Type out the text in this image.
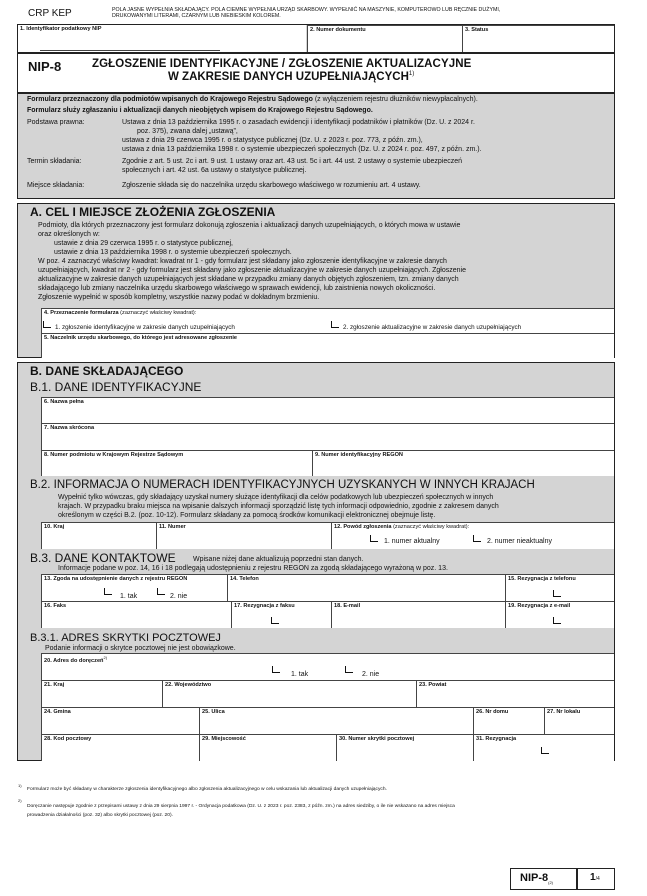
CRP KEP	POLA JASNE WYPEŁNIA SKŁADAJĄCY. POLA CIEMNE WYPEŁNIA URZĄD SKARBOWY. WYPEŁNIĆ NA MASZYNIE, KOMPUTEROWO LUB RĘCZNIE DUŻYMI,
DRUKOWANYMI LITERAMI, CZARNYM LUB NIEBIESKIM KOLOREM.
1. Identyfikator podatkowy NIP	2. Numer dokumentu	3. Status
NIP-8	ZGŁOSZENIE IDENTYFIKACYJNE / ZGŁOSZENIE AKTUALIZACYJNE
W ZAKRESIE DANYCH UZUPEŁNIAJĄCYCH$^{1)}$
Formularz przeznaczony dla podmiotów wpisanych do Krajowego Rejestru Sądowego (z wyłączeniem rejestru dłużników niewypłacalnych).
Formularz służy zgłaszaniu i aktualizacji danych nieobjętych wpisem do Krajowego Rejestru Sądowego.
Podstawa prawna:	Ustawa z dnia 13 października 1995 r. o zasadach ewidencji i identyfikacji podatników i płatników (Dz. U. z 2024 r.
poz. 375), zwana dalej „ustawą”,
ustawa z dnia 29 czerwca 1995 r. o statystyce publicznej (Dz. U. z 2023 r. poz. 773, z późn. zm.),
ustawa z dnia 13 października 1998 r. o systemie ubezpieczeń społecznych (Dz. U. z 2024 r. poz. 497, z późn. zm.).
Termin składania:	Zgodnie z art. 5 ust. 2c i art. 9 ust. 1 ustawy oraz art. 43 ust. 5c i art. 44 ust. 2 ustawy o systemie ubezpieczeń
społecznych i art. 42 ust. 6a ustawy o statystyce publicznej.
Miejsce składania:	Zgłoszenie składa się do naczelnika urzędu skarbowego właściwego w rozumieniu art. 4 ustawy.
A. CEL I MIEJSCE ZŁOŻENIA ZGŁOSZENIA
Podmioty, dla których przeznaczony jest formularz dokonują zgłoszenia i aktualizacji danych uzupełniających, o których mowa w ustawie
oraz określonych w:
ustawie z dnia 29 czerwca 1995 r. o statystyce publicznej,
ustawie z dnia 13 października 1998 r. o systemie ubezpieczeń społecznych.
W poz. 4 zaznaczyć właściwy kwadrat: kwadrat nr 1 - gdy formularz jest składany jako zgłoszenie identyfikacyjne w zakresie danych
uzupełniających, kwadrat nr 2 - gdy formularz jest składany jako zgłoszenie aktualizacyjne w zakresie danych uzupełniających. Zgłoszenie
aktualizacyjne w zakresie danych uzupełniających jest składane w przypadku zmiany danych objętych zgłoszeniem, tzn. zmiany danych
składającego lub zmiany naczelnika urzędu skarbowego właściwego w sprawach ewidencji, lub zaistnienia nowych okoliczności.
Zgłoszenie wypełnić w sposób kompletny, wszystkie nazwy podać w dokładnym brzmieniu.
4. Przeznaczenie formularza (zaznaczyć właściwy kwadrat):
1. zgłoszenie identyfikacyjne w zakresie danych uzupełniających	2. zgłoszenie aktualizacyjne w zakresie danych uzupełniających
5. Naczelnik urzędu skarbowego, do którego jest adresowane zgłoszenie
B. DANE SKŁADAJĄCEGO
B.1. DANE IDENTYFIKACYJNE
6. Nazwa pełna
7. Nazwa skrócona
8. Numer podmiotu w Krajowym Rejestrze Sądowym	9. Numer identyfikacyjny REGON
B.2. INFORMACJA O NUMERACH IDENTYFIKACYJNYCH UZYSKANYCH W INNYCH KRAJACH
Wypełnić tylko wówczas, gdy składający uzyskał numery służące identyfikacji dla celów podatkowych lub ubezpieczeń społecznych w innych
krajach. W przypadku braku miejsca na wpisanie dalszych informacji sporządzić listę tych informacji odpowiednio, zgodnie z zakresem danych
określonym w części B.2. (poz. 10-12). Formularz składany za pomocą środków komunikacji elektronicznej obejmuje listę.
10. Kraj	11. Numer	12. Powód zgłoszenia (zaznaczyć właściwy kwadrat):
1. numer aktualny	2. numer nieaktualny
B.3. DANE KONTAKTOWE Wpisane niżej dane aktualizują poprzedni stan danych.
Informacje podane w poz. 14, 16 i 18 podlegają udostępnieniu z rejestru REGON za zgodą składającego wyrażoną w poz. 13.
13. Zgoda na udostępnienie danych z rejestru REGON
1. tak	2. nie
14. Telefon	15. Rezygnacja z telefonu
16. Faks	17. Rezygnacja z faksu	18. E-mail	19. Rezygnacja z e-mail
B.3.1. ADRES SKRYTKI POCZTOWEJ
Podanie informacji o skrytce pocztowej nie jest obowiązkowe.
20. Adres do doręczeń$^{2)}$
1. tak	2. nie
21. Kraj	22. Województwo	23. Powiat
24. Gmina	25. Ulica	26. Nr domu	27. Nr lokalu
28. Kod pocztowy	29. Miejscowość	30. Numer skrytki pocztowej	31. Rezygnacja
1)
Formularz może być składany w charakterze zgłoszenia identyfikacyjnego albo zgłoszenia aktualizacyjnego w celu wskazania lub aktualizacji danych uzupełniających.
2)
Doręczanie następuje zgodnie z przepisami ustawy z dnia 29 sierpnia 1997 r. - Ordynacja podatkowa (Dz. U. z 2023 r. poz. 2383, z późn. zm.) na adres siedziby, o ile nie wskazano na adres miejsca
prowadzenia działalności (poz. 32) albo skrytki pocztowej (poz. 20).
NIP-$8_{(2)}$	1/4
